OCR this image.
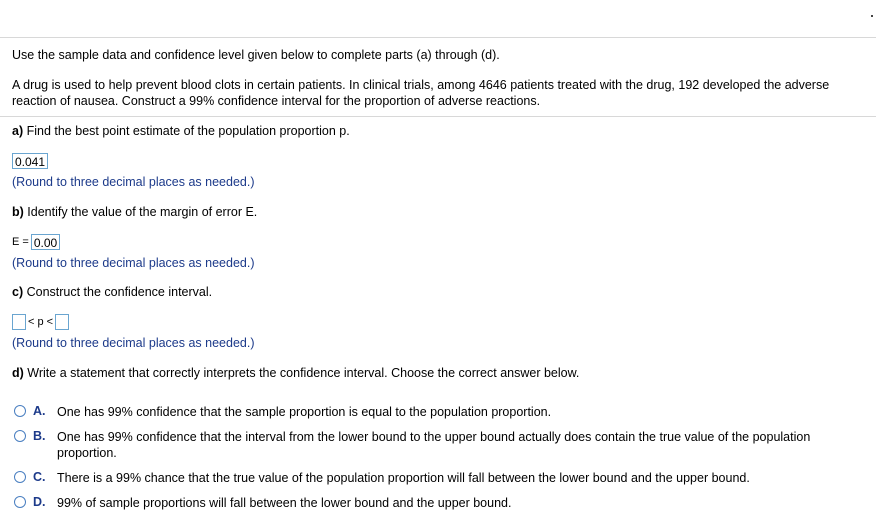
Use the sample data and confidence level given below to complete parts (a) through (d).
A drug is used to help prevent blood clots in certain patients. In clinical trials, among 4646 patients treated with the drug, 192 developed the adverse
reaction of nausea. Construct a 99% confidence interval for the proportion of adverse reactions.
a) Find the best point estimate of the population proportion p.
0.041
(Round to three decimal places as needed.)
b) Identify the value of the margin of error E.
E = 0.00
(Round to three decimal places as needed.)
c) Construct the confidence interval.
< p <
(Round to three decimal places as needed.)
d) Write a statement that correctly interprets the confidence interval. Choose the correct answer below.
A. One has 99% confidence that the sample proportion is equal to the population proportion.
B. One has 99% confidence that the interval from the lower bound to the upper bound actually does contain the true value of the population proportion.
C. There is a 99% chance that the true value of the population proportion will fall between the lower bound and the upper bound.
D. 99% of sample proportions will fall between the lower bound and the upper bound.
